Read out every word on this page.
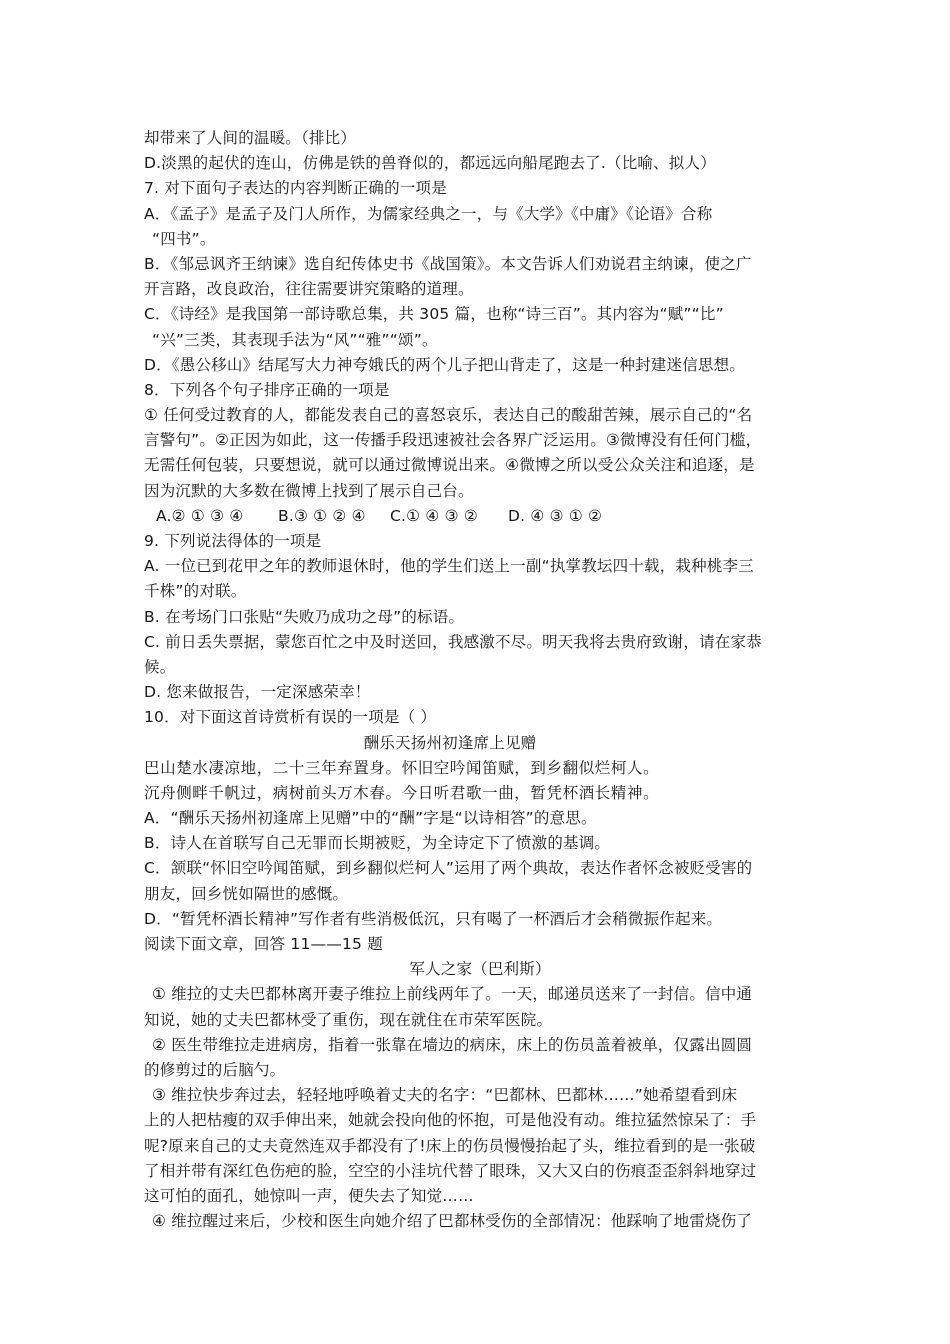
却带来了人间的温暖。（排比）
D.淡黑的起伏的连山，仿佛是铁的兽脊似的，都远远向船尾跑去了.（比喻、拟人）
7. 对下面句子表达的内容判断正确的一项是
A．《孟子》是孟子及门人所作，为儒家经典之一，与《大学》《中庸》《论语》合称
“四书”。
B．《邹忌讽齐王纳谏》选自纪传体史书《战国策》。本文告诉人们劝说君主纳谏，使之广
开言路，改良政治，往往需要讲究策略的道理。
C．《诗经》是我国第一部诗歌总集，共 305 篇，也称“诗三百”。其内容为“赋”“比”
“兴”三类，其表现手法为“风”“雅”“颂”。
D．《愚公移山》结尾写大力神夸娥氏的两个儿子把山背走了，这是一种封建迷信思想。
8．下列各个句子排序正确的一项是
① 任何受过教育的人，都能发表自己的喜怒哀乐，表达自己的酸甜苦辣，展示自己的“名
言警句”。②正因为如此，这一传播手段迅速被社会各界广泛运用。③微博没有任何门槛，
无需任何包装，只要想说，就可以通过微博说出来。④微博之所以受公众关注和追逐，是
因为沉默的大多数在微博上找到了展示自己台。
A.② ① ③ ④ B.③ ① ② ④ C.① ④ ③ ② D. ④ ③ ① ②
9. 下列说法得体的一项是
A. 一位已到花甲之年的教师退休时，他的学生们送上一副“执掌教坛四十载，栽种桃李三
千株”的对联。
B. 在考场门口张贴“失败乃成功之母”的标语。
C. 前日丢失票据，蒙您百忙之中及时送回，我感激不尽。明天我将去贵府致谢，请在家恭
候。
D. 您来做报告，一定深感荣幸！
10．对下面这首诗赏析有误的一项是（ ）
酬乐天扬州初逢席上见赠
巴山楚水凄凉地，二十三年弃置身。怀旧空吟闻笛赋，到乡翻似烂柯人。
沉舟侧畔千帆过，病树前头万木春。今日听君歌一曲，暂凭杯酒长精神。
A．“酬乐天扬州初逢席上见赠”中的“酬”字是“以诗相答”的意思。
B．诗人在首联写自己无罪而长期被贬，为全诗定下了愤激的基调。
C．颔联“怀旧空吟闻笛赋，到乡翻似烂柯人”运用了两个典故，表达作者怀念被贬受害的
朋友，回乡恍如隔世的感慨。
D．“暂凭杯酒长精神”写作者有些消极低沉，只有喝了一杯酒后才会稍微振作起来。
阅读下面文章，回答 11——15 题
军人之家（巴利斯）
① 维拉的丈夫巴都林离开妻子维拉上前线两年了。一天，邮递员送来了一封信。信中通
知说，她的丈夫巴都林受了重伤，现在就住在市荣军医院。
② 医生带维拉走进病房，指着一张靠在墙边的病床，床上的伤员盖着被单，仅露出圆圆
的修剪过的后脑勺。
③ 维拉快步奔过去，轻轻地呼唤着丈夫的名字：“巴都林、巴都林……”她希望看到床
上的人把枯瘦的双手伸出来，她就会投向他的怀抱，可是他没有动。维拉猛然惊呆了：手
呢?原来自己的丈夫竟然连双手都没有了!床上的伤员慢慢抬起了头，维拉看到的是一张破
了相并带有深红色伤疤的脸，空空的小洼坑代替了眼珠，又大又白的伤痕歪歪斜斜地穿过
这可怕的面孔，她惊叫一声，便失去了知觉……
④ 维拉醒过来后，少校和医生向她介绍了巴都林受伤的全部情况：他踩响了地雷烧伤了
